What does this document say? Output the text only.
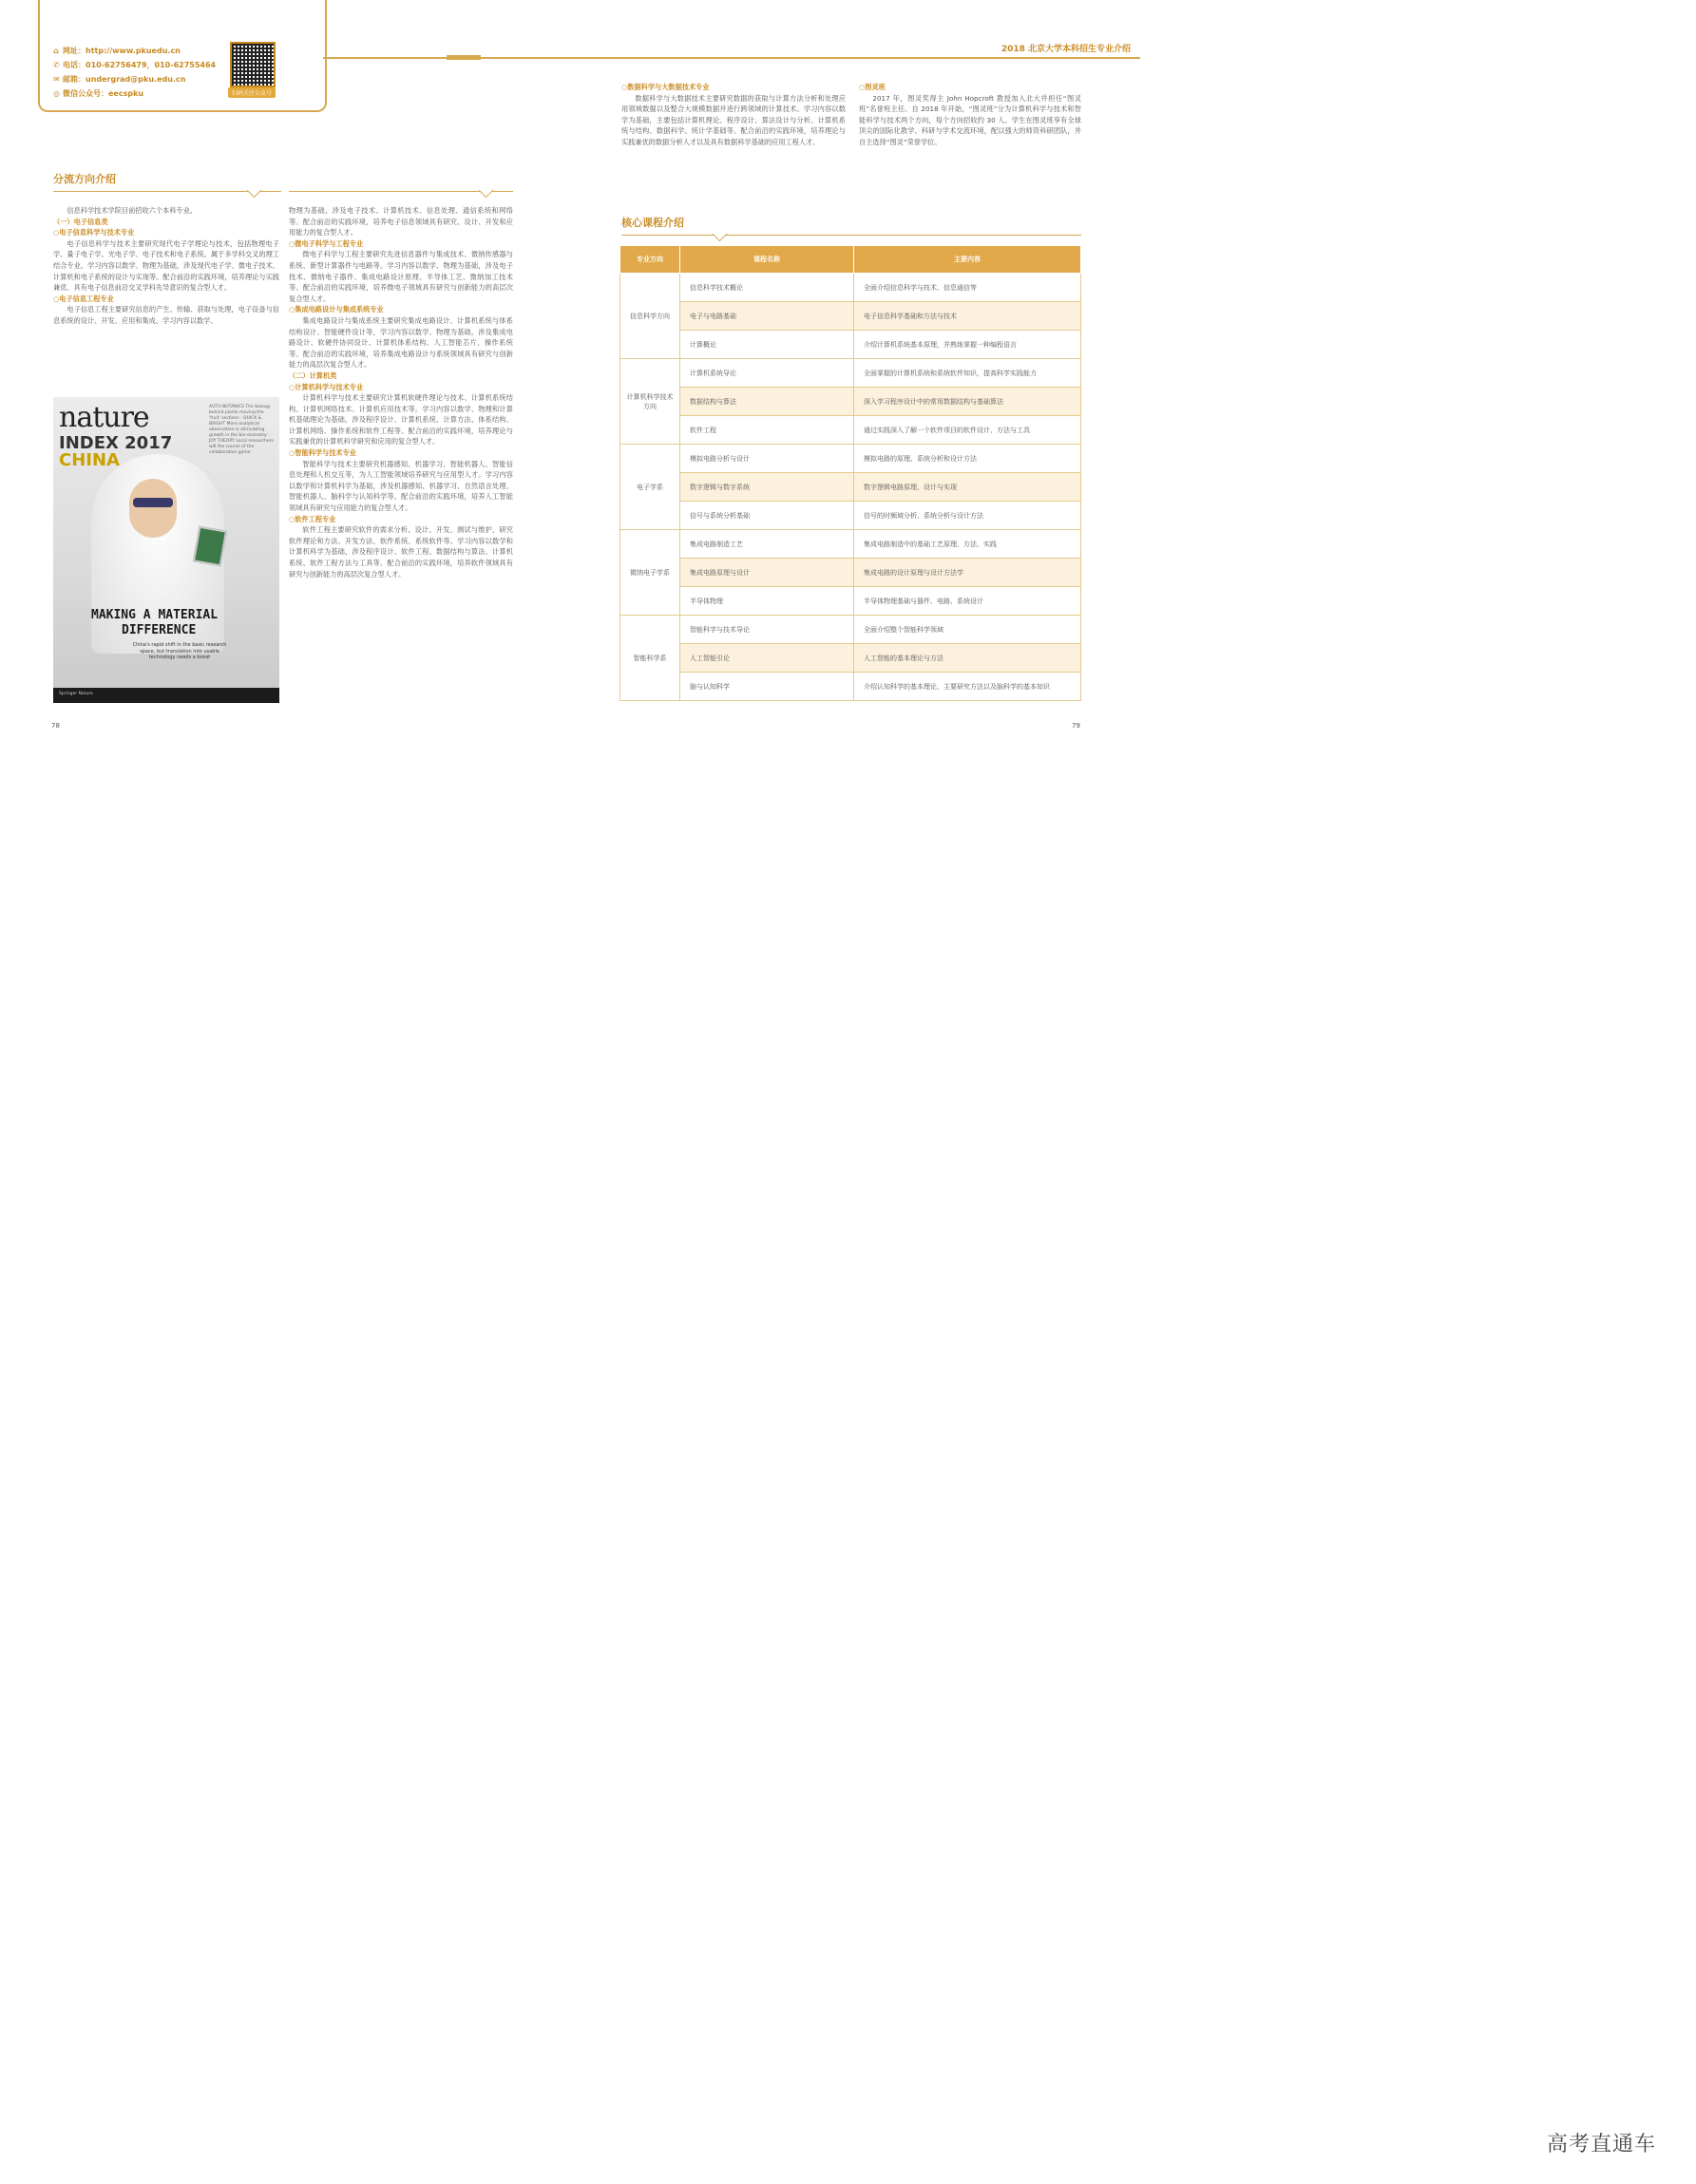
⌂ 网址：http://www.pkuedu.cn
✆ 电话：010-62756479，010-62755464
✉ 邮箱：undergrad@pku.edu.cn
◎ 微信公众号：eecspku	扫码关注公众号
2018 北京大学本科招生专业介绍
分流方向介绍

信息科学技术学院目前招收六个本科专业。

（一）电子信息类

○电子信息科学与技术专业

电子信息科学与技术主要研究现代电子学理论与技术，包括物理电子学、量子电子学、光电子学、电子技术和电子系统。属于多学科交叉的理工结合专业。学习内容以数学、物理为基础，涉及现代电子学、微电子技术、计算机和电子系统的设计与实现等。配合前沿的实践环境，培养理论与实践兼优、具有电子信息前沿交叉学科先导意识的复合型人才。

○电子信息工程专业

电子信息工程主要研究信息的产生、传输、获取与处理，电子设备与信息系统的设计、开发、应用和集成。学习内容以数学、

nature
INDEX 2017
CHINA
AUTO-BOTANICS The biology behind plants moving the 'fruit' sections · QUICK & BRIGHT More analytical observation is stimulating growth in the bio-economy · JOY THEORY Local researchers will the course of the collaboration game
MAKING A MATERIAL
DIFFERENCE
China's rapid shift in the basic research space, but translation into usable technology needs a boost
Springer Nature

物理为基础，涉及电子技术、计算机技术、信息处理、通信系统和网络等。配合前沿的实践环境，培养电子信息领域具有研究、设计、开发和应用能力的复合型人才。

○微电子科学与工程专业

微电子科学与工程主要研究先进信息器件与集成技术、微纳传感器与系统、新型计算器件与电路等。学习内容以数学、物理为基础，涉及电子技术、微纳电子器件、集成电路设计原理、半导体工艺、微纳加工技术等。配合前沿的实践环境，培养微电子领域具有研究与创新能力的高层次复合型人才。

○集成电路设计与集成系统专业

集成电路设计与集成系统主要研究集成电路设计、计算机系统与体系结构设计、智能硬件设计等，学习内容以数学、物理为基础，涉及集成电路设计、软硬件协同设计、计算机体系结构、人工智能芯片、操作系统等。配合前沿的实践环境，培养集成电路设计与系统领域具有研究与创新能力的高层次复合型人才。

（二）计算机类

○计算机科学与技术专业

计算机科学与技术主要研究计算机软硬件理论与技术、计算机系统结构、计算机网络技术、计算机应用技术等。学习内容以数学、物理和计算机基础理论为基础，涉及程序设计、计算机系统、计算方法、体系结构、计算机网络、操作系统和软件工程等。配合前沿的实践环境，培养理论与实践兼优的计算机科学研究和应用的复合型人才。

○智能科学与技术专业

智能科学与技术主要研究机器感知、机器学习、智能机器人、智能信息处理和人机交互等，为人工智能领域培养研究与应用型人才。学习内容以数学和计算机科学为基础，涉及机器感知、机器学习、自然语言处理、智能机器人、脑科学与认知科学等。配合前沿的实践环境，培养人工智能领域具有研究与应用能力的复合型人才。

○软件工程专业

软件工程主要研究软件的需求分析、设计、开发、测试与维护，研究软件理论和方法、开发方法、软件系统、系统软件等。学习内容以数学和计算机科学为基础，涉及程序设计、软件工程、数据结构与算法、计算机系统、软件工程方法与工具等。配合前沿的实践环境，培养软件领域具有研究与创新能力的高层次复合型人才。

78

○数据科学与大数据技术专业

数据科学与大数据技术主要研究数据的获取与计算方法分析和处理应用领域数据以及整合大规模数据并进行跨领域的计算技术。学习内容以数学为基础，主要包括计算机理论、程序设计、算法设计与分析、计算机系统与结构、数据科学、统计学基础等。配合前沿的实践环境，培养理论与实践兼优的数据分析人才以及具有数据科学基础的应用工程人才。

○图灵班

2017 年，图灵奖得主 John Hopcroft 教授加入北大并担任“图灵班”名誉班主任。自 2018 年开始，“图灵班”分为计算机科学与技术和智能科学与技术两个方向，每个方向招收约 30 人。学生在图灵班享有全球顶尖的国际化教学、科研与学术交流环境，配以强大的师资科研团队，并自主选择“图灵”荣誉学位。

核心课程介绍
专业方向	课程名称	主要内容
信息科学方向	信息科学技术概论	全面介绍信息科学与技术、信息通信等
	电子与电路基础	电子信息科学基础和方法与技术
	计算概论	介绍计算机系统基本原理，并熟练掌握一种编程语言
计算机科学技术方向	计算机系统导论	全面掌握的计算机系统和系统软件知识，提高科学实践能力
	数据结构与算法	深入学习程序设计中的常用数据结构与基础算法
	软件工程	通过实践深入了解一个软件项目的软件设计、方法与工具
电子学系	模拟电路分析与设计	模拟电路的原理、系统分析和设计方法
	数字逻辑与数字系统	数字逻辑电路原理、设计与实现
	信号与系统分析基础	信号的时频域分析、系统分析与设计方法
微纳电子学系	集成电路制造工艺	集成电路制造中的基础工艺原理、方法、实践
	集成电路原理与设计	集成电路的设计原理与设计方法学
	半导体物理	半导体物理基础与器件、电路、系统设计
智能科学系	智能科学与技术导论	全面介绍整个智能科学领域
	人工智能引论	人工智能的基本理论与方法
	脑与认知科学	介绍认知科学的基本理论、主要研究方法以及脑科学的基本知识
79
高考直通车
